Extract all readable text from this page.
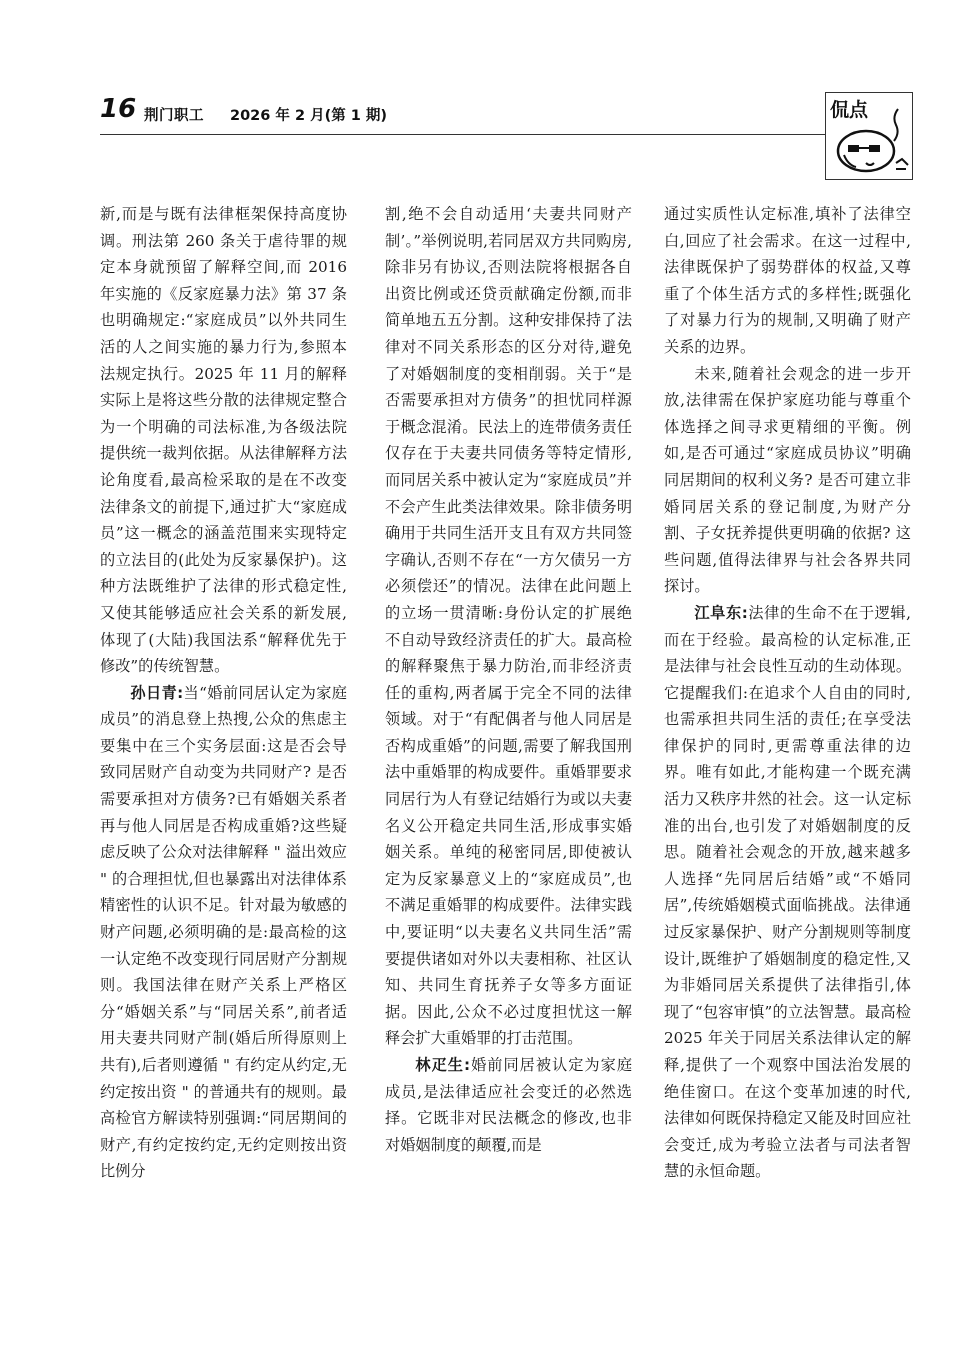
16 荆门职工 2026 年 2 月(第 1 期)	侃点

新,而是与既有法律框架保持高度协调。刑法第 260 条关于虐待罪的规定本身就预留了解释空间,而 2016 年实施的《反家庭暴力法》第 37 条也明确规定:“家庭成员”以外共同生活的人之间实施的暴力行为,参照本法规定执行。2025 年 11 月的解释实际上是将这些分散的法律规定整合为一个明确的司法标准,为各级法院提供统一裁判依据。从法律解释方法论角度看,最高检采取的是在不改变法律条文的前提下,通过扩大“家庭成员”这一概念的涵盖范围来实现特定的立法目的(此处为反家暴保护)。这种方法既维护了法律的形式稳定性,又使其能够适应社会关系的新发展,体现了(大陆)我国法系“解释优先于修改”的传统智慧。

孙日青:当“婚前同居认定为家庭成员”的消息登上热搜,公众的焦虑主要集中在三个实务层面:这是否会导致同居财产自动变为共同财产? 是否需要承担对方债务?已有婚姻关系者再与他人同居是否构成重婚?这些疑虑反映了公众对法律解释 " 溢出效应 " 的合理担忧,但也暴露出对法律体系精密性的认识不足。针对最为敏感的财产问题,必须明确的是:最高检的这一认定绝不改变现行同居财产分割规则。我国法律在财产关系上严格区分“婚姻关系”与“同居关系”,前者适用夫妻共同财产制(婚后所得原则上共有),后者则遵循 " 有约定从约定,无约定按出资 " 的普通共有的规则。最高检官方解读特别强调:“同居期间的财产,有约定按约定,无约定则按出资比例分

割,绝不会自动适用‘夫妻共同财产制’。”举例说明,若同居双方共同购房,除非另有协议,否则法院将根据各自出资比例或还贷贡献确定份额,而非简单地五五分割。这种安排保持了法律对不同关系形态的区分对待,避免了对婚姻制度的变相削弱。关于“是否需要承担对方债务”的担忧同样源于概念混淆。民法上的连带债务责任仅存在于夫妻共同债务等特定情形,而同居关系中被认定为“家庭成员”并不会产生此类法律效果。除非债务明确用于共同生活开支且有双方共同签字确认,否则不存在“一方欠债另一方必须偿还”的情况。法律在此问题上的立场一贯清晰:身份认定的扩展绝不自动导致经济责任的扩大。最高检的解释聚焦于暴力防治,而非经济责任的重构,两者属于完全不同的法律领域。对于“有配偶者与他人同居是否构成重婚”的问题,需要了解我国刑法中重婚罪的构成要件。重婚罪要求同居行为人有登记结婚行为或以夫妻名义公开稳定共同生活,形成事实婚姻关系。单纯的秘密同居,即使被认定为反家暴意义上的“家庭成员”,也不满足重婚罪的构成要件。法律实践中,要证明“以夫妻名义共同生活”需要提供诸如对外以夫妻相称、社区认知、共同生育抚养子女等多方面证据。因此,公众不必过度担忧这一解释会扩大重婚罪的打击范围。

林疋生:婚前同居被认定为家庭成员,是法律适应社会变迁的必然选择。它既非对民法概念的修改,也非对婚姻制度的颠覆,而是

通过实质性认定标准,填补了法律空白,回应了社会需求。在这一过程中,法律既保护了弱势群体的权益,又尊重了个体生活方式的多样性;既强化了对暴力行为的规制,又明确了财产关系的边界。

未来,随着社会观念的进一步开放,法律需在保护家庭功能与尊重个体选择之间寻求更精细的平衡。例如,是否可通过“家庭成员协议”明确同居期间的权利义务? 是否可建立非婚同居关系的登记制度,为财产分割、子女抚养提供更明确的依据? 这些问题,值得法律界与社会各界共同探讨。

江阜东:法律的生命不在于逻辑,而在于经验。最高检的认定标准,正是法律与社会良性互动的生动体现。它提醒我们:在追求个人自由的同时,也需承担共同生活的责任;在享受法律保护的同时,更需尊重法律的边界。唯有如此,才能构建一个既充满活力又秩序井然的社会。这一认定标准的出台,也引发了对婚姻制度的反思。随着社会观念的开放,越来越多人选择“先同居后结婚”或“不婚同居”,传统婚姻模式面临挑战。法律通过反家暴保护、财产分割规则等制度设计,既维护了婚姻制度的稳定性,又为非婚同居关系提供了法律指引,体现了“包容审慎”的立法智慧。最高检 2025 年关于同居关系法律认定的解释,提供了一个观察中国法治发展的绝佳窗口。在这个变革加速的时代,法律如何既保持稳定又能及时回应社会变迁,成为考验立法者与司法者智慧的永恒命题。
